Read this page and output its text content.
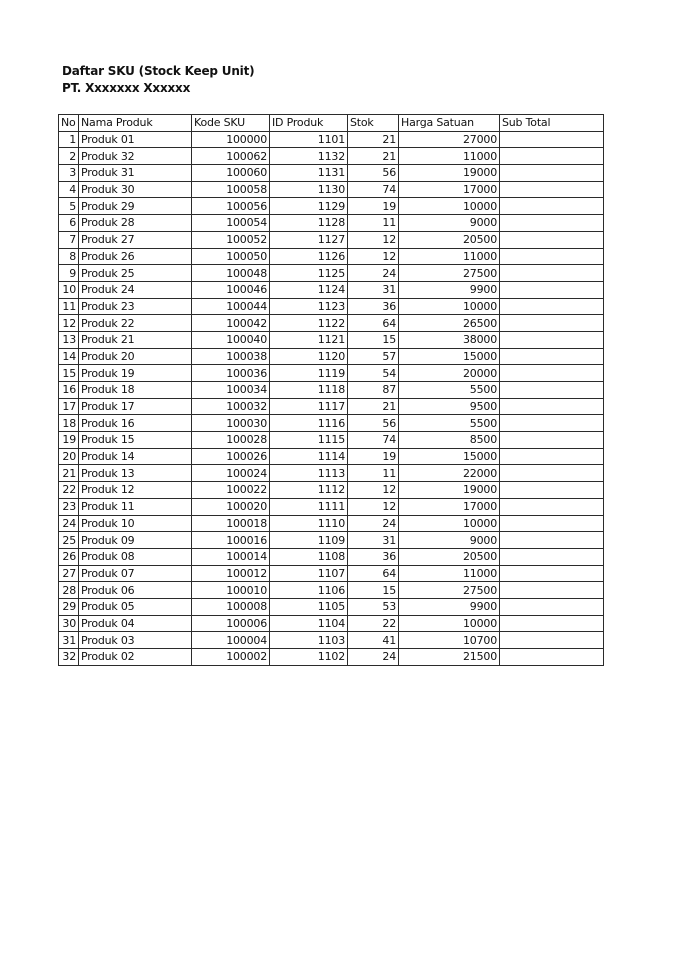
Daftar SKU (Stock Keep Unit)
PT. Xxxxxxx Xxxxxx
No	Nama Produk	Kode SKU	ID Produk	Stok	Harga Satuan	Sub Total
1	Produk 01	100000	1101	21	27000	
2	Produk 32	100062	1132	21	11000	
3	Produk 31	100060	1131	56	19000	
4	Produk 30	100058	1130	74	17000	
5	Produk 29	100056	1129	19	10000	
6	Produk 28	100054	1128	11	9000	
7	Produk 27	100052	1127	12	20500	
8	Produk 26	100050	1126	12	11000	
9	Produk 25	100048	1125	24	27500	
10	Produk 24	100046	1124	31	9900	
11	Produk 23	100044	1123	36	10000	
12	Produk 22	100042	1122	64	26500	
13	Produk 21	100040	1121	15	38000	
14	Produk 20	100038	1120	57	15000	
15	Produk 19	100036	1119	54	20000	
16	Produk 18	100034	1118	87	5500	
17	Produk 17	100032	1117	21	9500	
18	Produk 16	100030	1116	56	5500	
19	Produk 15	100028	1115	74	8500	
20	Produk 14	100026	1114	19	15000	
21	Produk 13	100024	1113	11	22000	
22	Produk 12	100022	1112	12	19000	
23	Produk 11	100020	1111	12	17000	
24	Produk 10	100018	1110	24	10000	
25	Produk 09	100016	1109	31	9000	
26	Produk 08	100014	1108	36	20500	
27	Produk 07	100012	1107	64	11000	
28	Produk 06	100010	1106	15	27500	
29	Produk 05	100008	1105	53	9900	
30	Produk 04	100006	1104	22	10000	
31	Produk 03	100004	1103	41	10700	
32	Produk 02	100002	1102	24	21500	
